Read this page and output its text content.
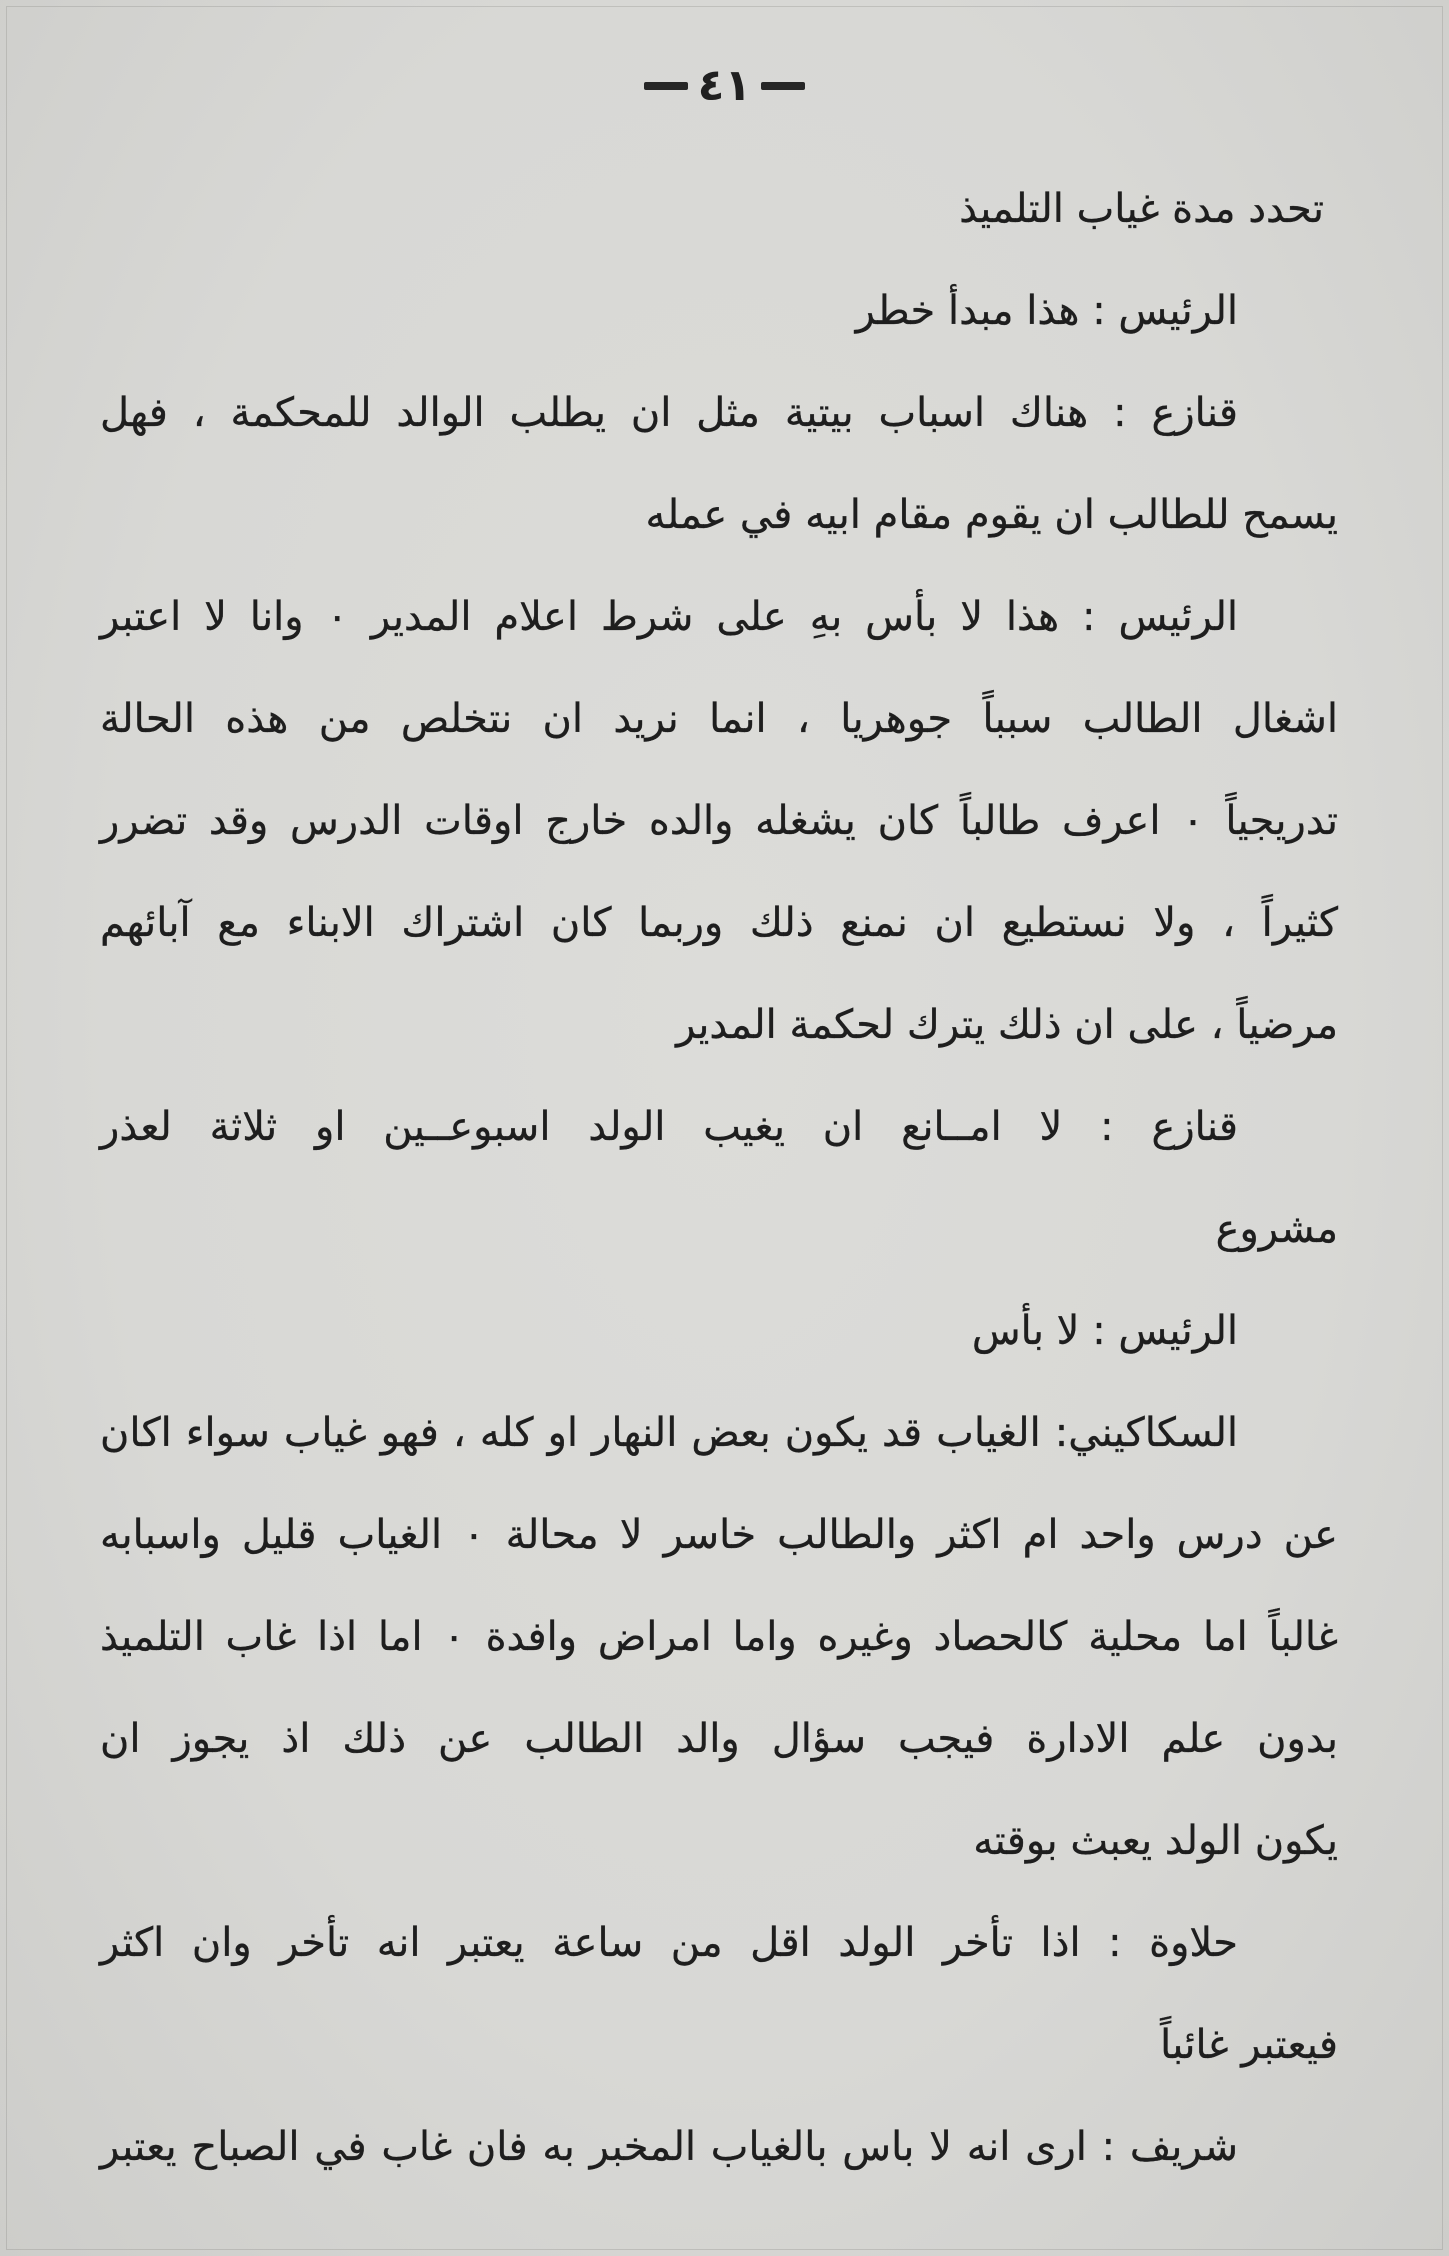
٤١
تحدد مدة غياب التلميذ
الرئيس : هذا مبدأ خطر
قنازع : هناك اسباب بيتية مثل ان يطلب الوالد للمحكمة ، فهل
يسمح للطالب ان يقوم مقام ابيه في عمله
الرئيس : هذا لا بأس بهِ على شرط اعلام المدير ٠ وانا لا اعتبر
اشغال الطالب سبباً جوهريا ، انما نريد ان نتخلص من هذه الحالة
تدريجياً ٠ اعرف طالباً كان يشغله والده خارج اوقات الدرس وقد تضرر
كثيراً ، ولا نستطيع ان نمنع ذلك وربما كان اشتراك الابناء مع آبائهم
مرضياً ، على ان ذلك يترك لحكمة المدير
قنازع : لا امــانع ان يغيب الولد اسبوعــين او ثلاثة لعذر
مشروع
الرئيس : لا بأس
السكاكيني: الغياب قد يكون بعض النهار او كله ، فهو غياب سواء اكان
عن درس واحد ام اكثر والطالب خاسر لا محالة ٠ الغياب قليل واسبابه
غالباً اما محلية كالحصاد وغيره واما امراض وافدة ٠ اما اذا غاب التلميذ
بدون علم الادارة فيجب سؤال والد الطالب عن ذلك اذ يجوز ان
يكون الولد يعبث بوقته
حلاوة : اذا تأخر الولد اقل من ساعة يعتبر انه تأخر وان اكثر
فيعتبر غائباً
شريف : ارى انه لا باس بالغياب المخبر به فان غاب في الصباح يعتبر
